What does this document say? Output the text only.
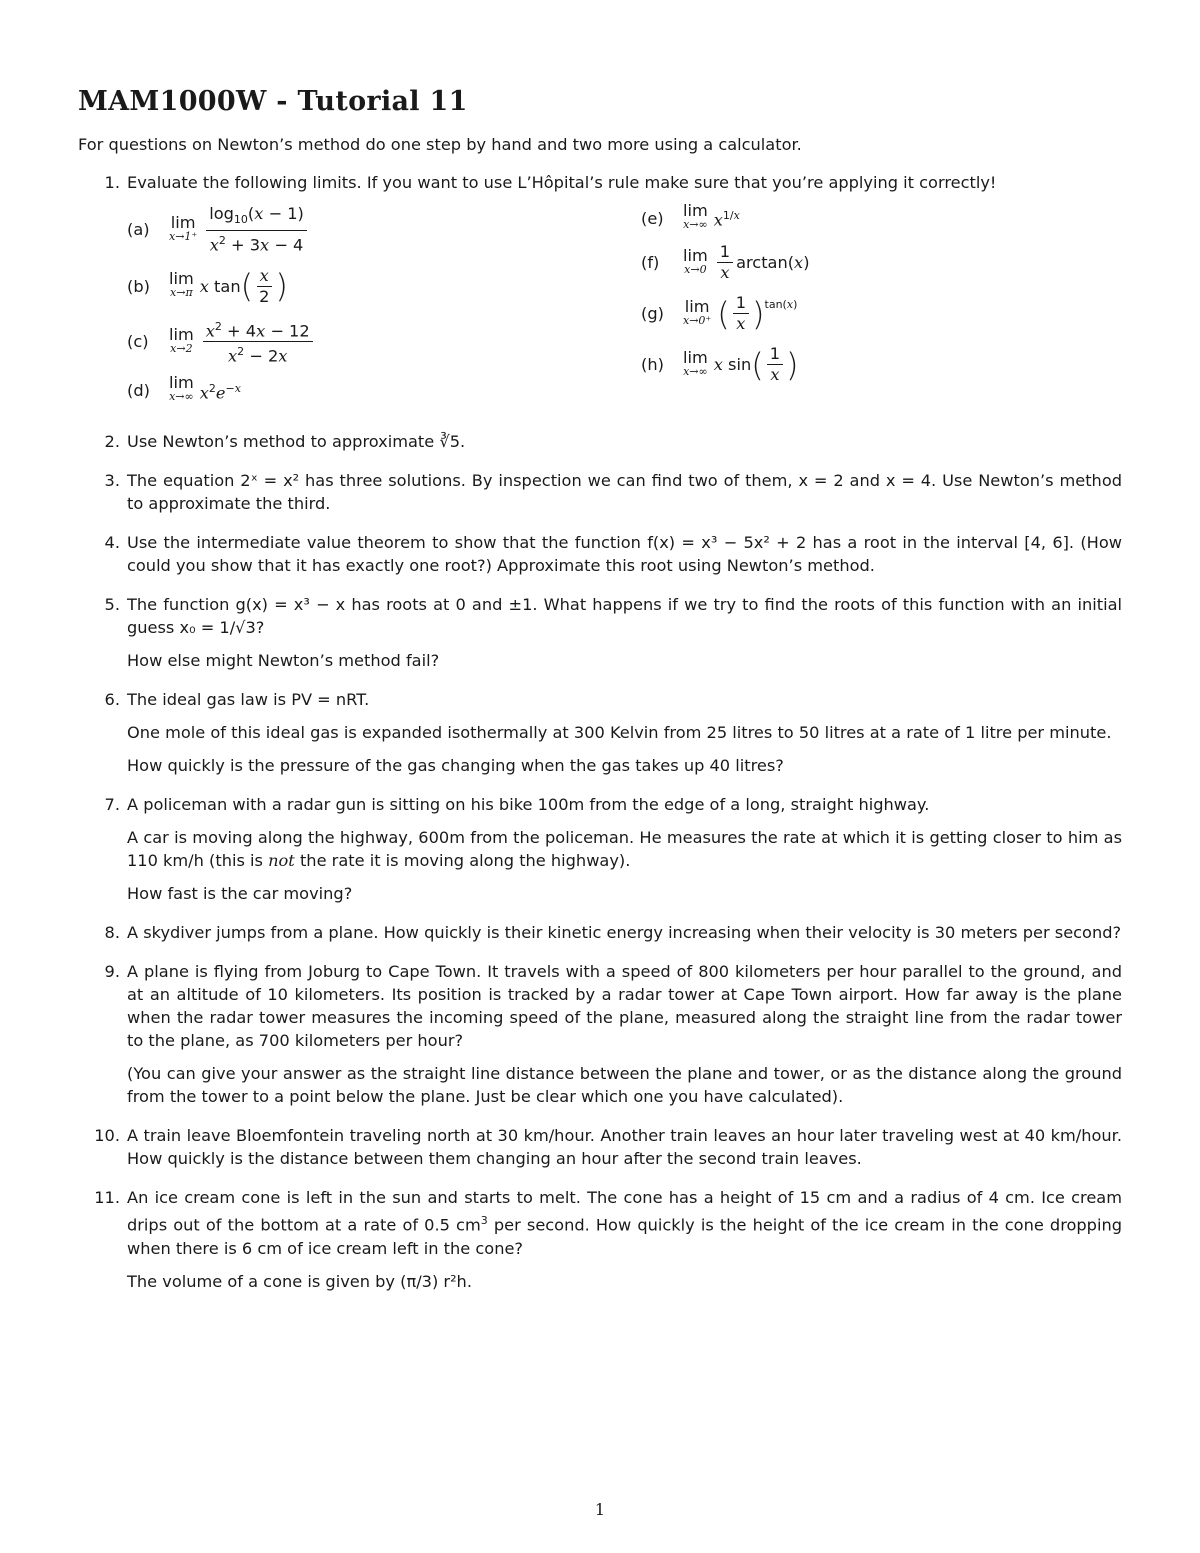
MAM1000W - Tutorial 11

For questions on Newton’s method do one step by hand and two more using a calculator.

1. Evaluate the following limits. If you want to use L’Hôpital’s rule make sure that you’re applying it correctly!

(a)	lim
$x\to 1^+ \frac{\log_{10}(x - 1)}{x^2 + 3x - 4}$
(b)	lim
x→π x tan ( $\frac{x}{2}$ )
(c)	lim
$x\to 2 \frac{x^2 + 4x - 12}{x^2 - 2x}$
(d)	lim
x→∞ $x^2e^{-x}$
(e)	lim
x→∞ $x^{1/x}$
(f)	lim
$x\to 0 \frac{1}{x} \arctan(x)$
(g)	lim
x→0⁺ ( $\frac{1}{x} )^{tan(x)}$
(h)	lim
x→∞ x sin ( $\frac{1}{x}$ )
2. Use Newton’s method to approximate ∛5.

3. The equation 2ˣ = x² has three solutions. By inspection we can find two of them, x = 2 and x = 4. Use Newton’s method to approximate the third.

4. Use the intermediate value theorem to show that the function f(x) = x³ − 5x² + 2 has a root in the interval [4, 6]. (How could you show that it has exactly one root?) Approximate this root using Newton’s method.

5. The function g(x) = x³ − x has roots at 0 and ±1. What happens if we try to find the roots of this function with an initial guess x₀ = 1/√3?

How else might Newton’s method fail?

6. The ideal gas law is PV = nRT.

One mole of this ideal gas is expanded isothermally at 300 Kelvin from 25 litres to 50 litres at a rate of 1 litre per minute.

How quickly is the pressure of the gas changing when the gas takes up 40 litres?

7. A policeman with a radar gun is sitting on his bike 100m from the edge of a long, straight highway.

A car is moving along the highway, 600m from the policeman. He measures the rate at which it is getting closer to him as 110 km/h (this is not the rate it is moving along the highway).

How fast is the car moving?

8. A skydiver jumps from a plane. How quickly is their kinetic energy increasing when their velocity is 30 meters per second?

9. A plane is flying from Joburg to Cape Town. It travels with a speed of 800 kilometers per hour parallel to the ground, and at an altitude of 10 kilometers. Its position is tracked by a radar tower at Cape Town airport. How far away is the plane when the radar tower measures the incoming speed of the plane, measured along the straight line from the radar tower to the plane, as 700 kilometers per hour?

(You can give your answer as the straight line distance between the plane and tower, or as the distance along the ground from the tower to a point below the plane. Just be clear which one you have calculated).

10. A train leave Bloemfontein traveling north at 30 km/hour. Another train leaves an hour later traveling west at 40 km/hour. How quickly is the distance between them changing an hour after the second train leaves.

11. An ice cream cone is left in the sun and starts to melt. The cone has a height of 15 cm and a radius of 4 cm. Ice cream drips out of the bottom at a rate of 0.5 $cm^3$ per second. How quickly is the height of the ice cream in the cone dropping when there is 6 cm of ice cream left in the cone?

The volume of a cone is given by (π/3) r²h.

1
